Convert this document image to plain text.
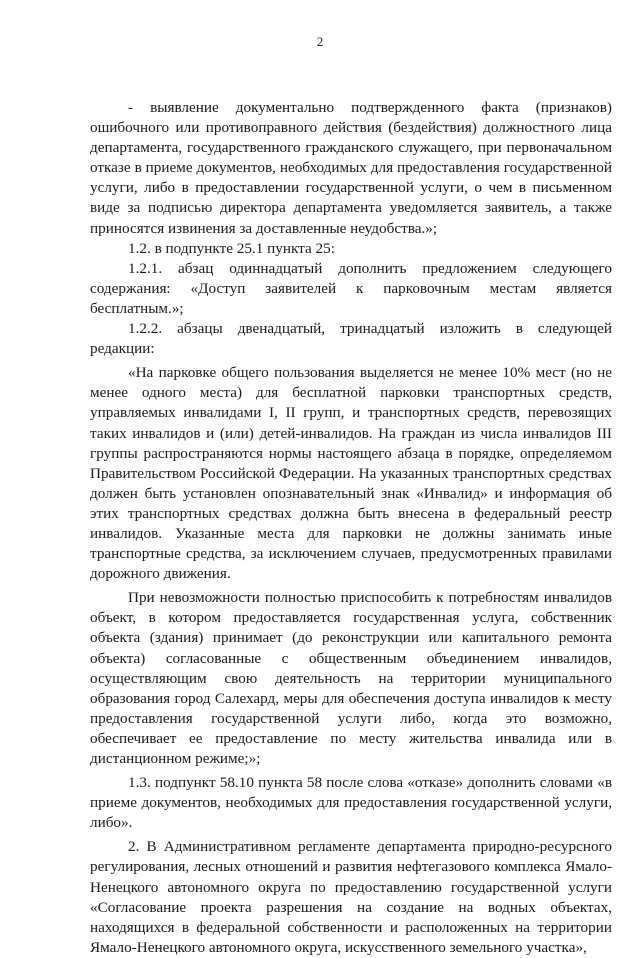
2

- выявление документально подтвержденного факта (признаков) ошибочного или противоправного действия (бездействия) должностного лица департамента, государственного гражданского служащего, при первоначальном отказе в приеме документов, необходимых для предоставления государственной услуги, либо в предоставлении государственной услуги, о чем в письменном виде за подписью директора департамента уведомляется заявитель, а также приносятся извинения за доставленные неудобства.»;

1.2. в подпункте 25.1 пункта 25:

1.2.1. абзац одиннадцатый дополнить предложением следующего содержания: «Доступ заявителей к парковочным местам является бесплатным.»;

1.2.2. абзацы двенадцатый, тринадцатый изложить в следующей редакции:

«На парковке общего пользования выделяется не менее 10% мест (но не менее одного места) для бесплатной парковки транспортных средств, управляемых инвалидами I, II групп, и транспортных средств, перевозящих таких инвалидов и (или) детей-инвалидов. На граждан из числа инвалидов III группы распространяются нормы настоящего абзаца в порядке, определяемом Правительством Российской Федерации. На указанных транспортных средствах должен быть установлен опознавательный знак «Инвалид» и информация об этих транспортных средствах должна быть внесена в федеральный реестр инвалидов. Указанные места для парковки не должны занимать иные транспортные средства, за исключением случаев, предусмотренных правилами дорожного движения.

При невозможности полностью приспособить к потребностям инвалидов объект, в котором предоставляется государственная услуга, собственник объекта (здания) принимает (до реконструкции или капитального ремонта объекта) согласованные с общественным объединением инвалидов, осуществляющим свою деятельность на территории муниципального образования город Салехард, меры для обеспечения доступа инвалидов к месту предоставления государственной услуги либо, когда это возможно, обеспечивает ее предоставление по месту жительства инвалида или в дистанционном режиме;»;

1.3. подпункт 58.10 пункта 58 после слова «отказе» дополнить словами «в приеме документов, необходимых для предоставления государственной услуги, либо».

2. В Административном регламенте департамента природно-ресурсного регулирования, лесных отношений и развития нефтегазового комплекса Ямало-Ненецкого автономного округа по предоставлению государственной услуги «Согласование проекта разрешения на создание на водных объектах, находящихся в федеральной собственности и расположенных на территории Ямало-Ненецкого автономного округа, искусственного земельного участка»,
